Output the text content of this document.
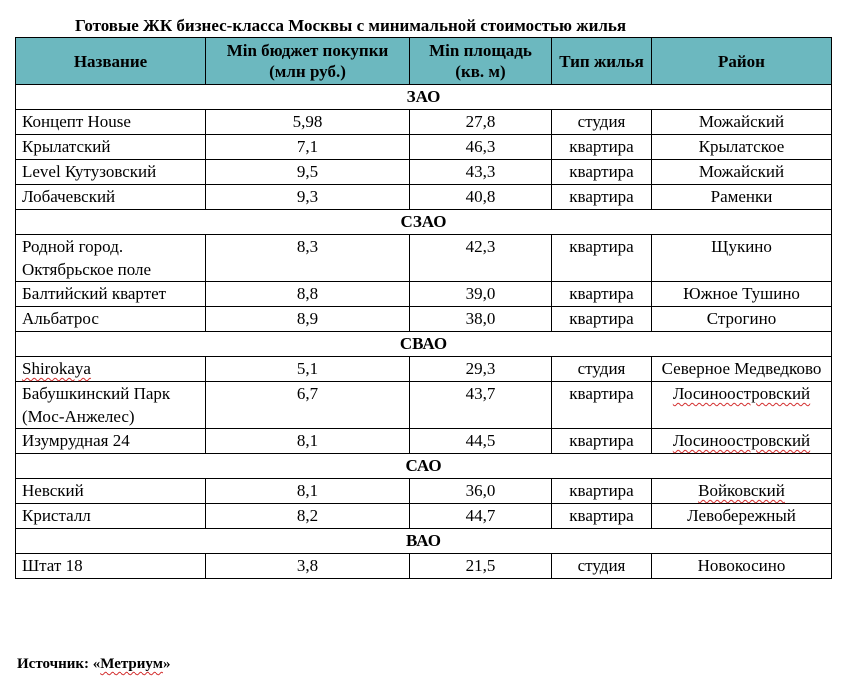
Готовые ЖК бизнес-класса Москвы с минимальной стоимостью жилья
Название	Min бюджет покупки (млн руб.)	Min площадь (кв. м)	Тип жилья	Район
ЗАО				
Концепт House	5,98	27,8	студия	Можайский
Крылатский	7,1	46,3	квартира	Крылатское
Level Кутузовский	9,5	43,3	квартира	Можайский
Лобачевский	9,3	40,8	квартира	Раменки
СЗАО				
Родной город. Октябрьское поле	8,3	42,3	квартира	Щукино
Балтийский квартет	8,8	39,0	квартира	Южное Тушино
Альбатрос	8,9	38,0	квартира	Строгино
СВАО				
Shirokaya	5,1	29,3	студия	Северное Медведково
Бабушкинский Парк (Мос-Анжелес)	6,7	43,7	квартира	Лосиноостровский
Изумрудная 24	8,1	44,5	квартира	Лосиноостровский
САО				
Невский	8,1	36,0	квартира	Войковский
Кристалл	8,2	44,7	квартира	Левобережный
ВАО				
Штат 18	3,8	21,5	студия	Новокосино
Источник: «Метриум»
